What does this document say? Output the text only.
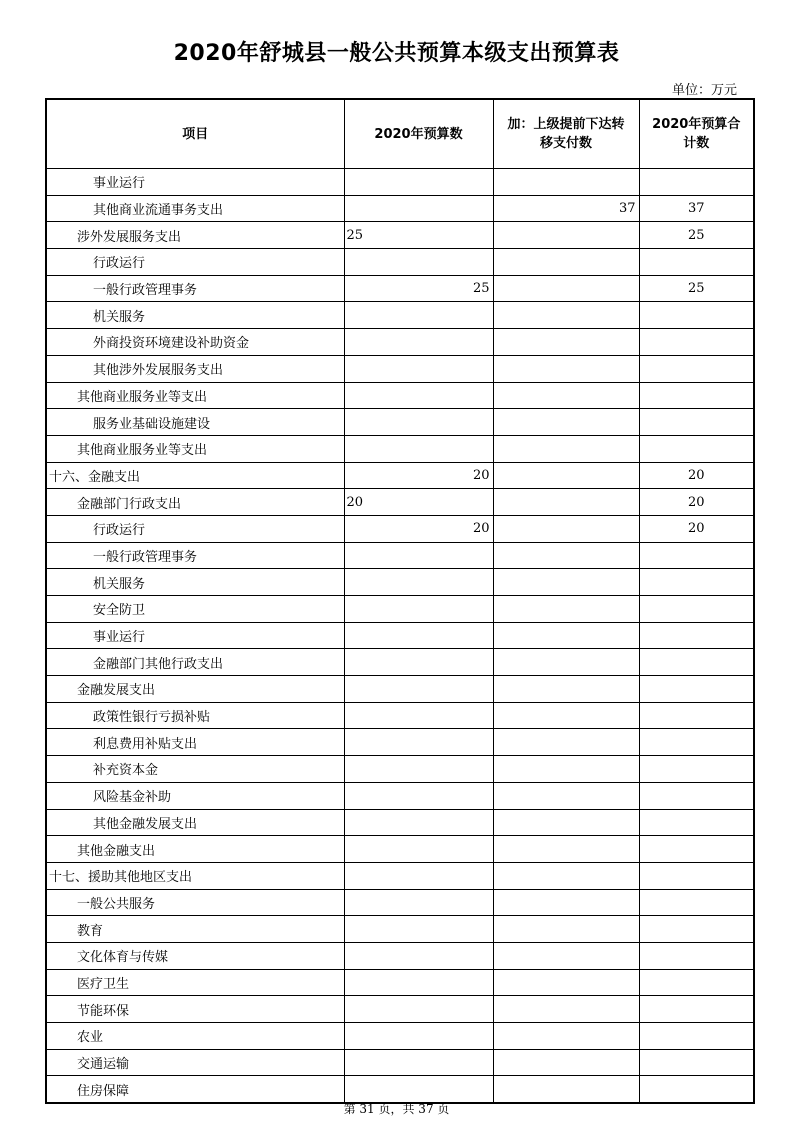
2020年舒城县一般公共预算本级支出预算表
单位：万元
项目	2020年预算数	加：上级提前下达转移支付数	2020年预算合计数

事业运行			
其他商业流通事务支出		37	37
涉外发展服务支出	25		25
行政运行			
一般行政管理事务	25		25
机关服务			
外商投资环境建设补助资金			
其他涉外发展服务支出			
其他商业服务业等支出			
服务业基础设施建设			
其他商业服务业等支出			
十六、金融支出	20		20
金融部门行政支出	20		20
行政运行	20		20
一般行政管理事务			
机关服务			
安全防卫			
事业运行			
金融部门其他行政支出			
金融发展支出			
政策性银行亏损补贴			
利息费用补贴支出			
补充资本金			
风险基金补助			
其他金融发展支出			
其他金融支出			
十七、援助其他地区支出			
一般公共服务			
教育			
文化体育与传媒			
医疗卫生			
节能环保			
农业			
交通运输			
住房保障			
第 31 页，共 37 页
